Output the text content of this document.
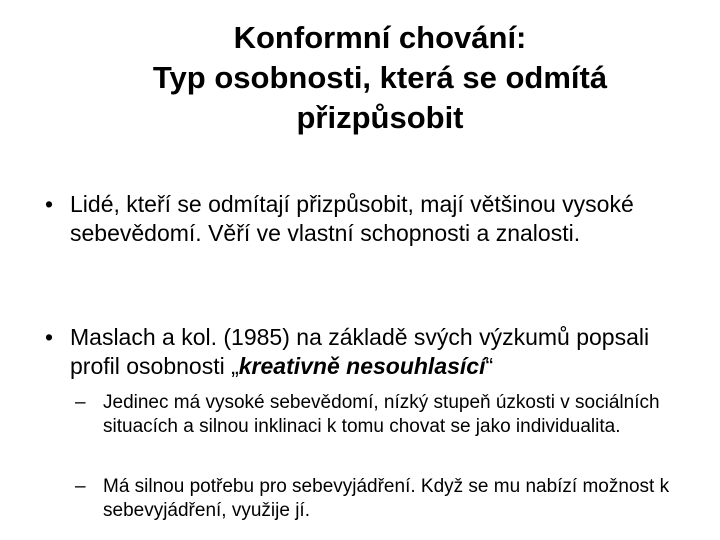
Konformní chování:
Typ osobnosti, která se odmítá
přizpůsobit
• Lidé, kteří se odmítají přizpůsobit, mají většinou vysoké sebevědomí. Věří ve vlastní schopnosti a znalosti.
• Maslach a kol. (1985) na základě svých výzkumů popsali profil osobnosti „kreativně nesouhlasící“
– Jedinec má vysoké sebevědomí, nízký stupeň úzkosti v sociálních situacích a silnou inklinaci k tomu chovat se jako individualita.
– Má silnou potřebu pro sebevyjádření. Když se mu nabízí možnost k sebevyjádření, využije jí.
